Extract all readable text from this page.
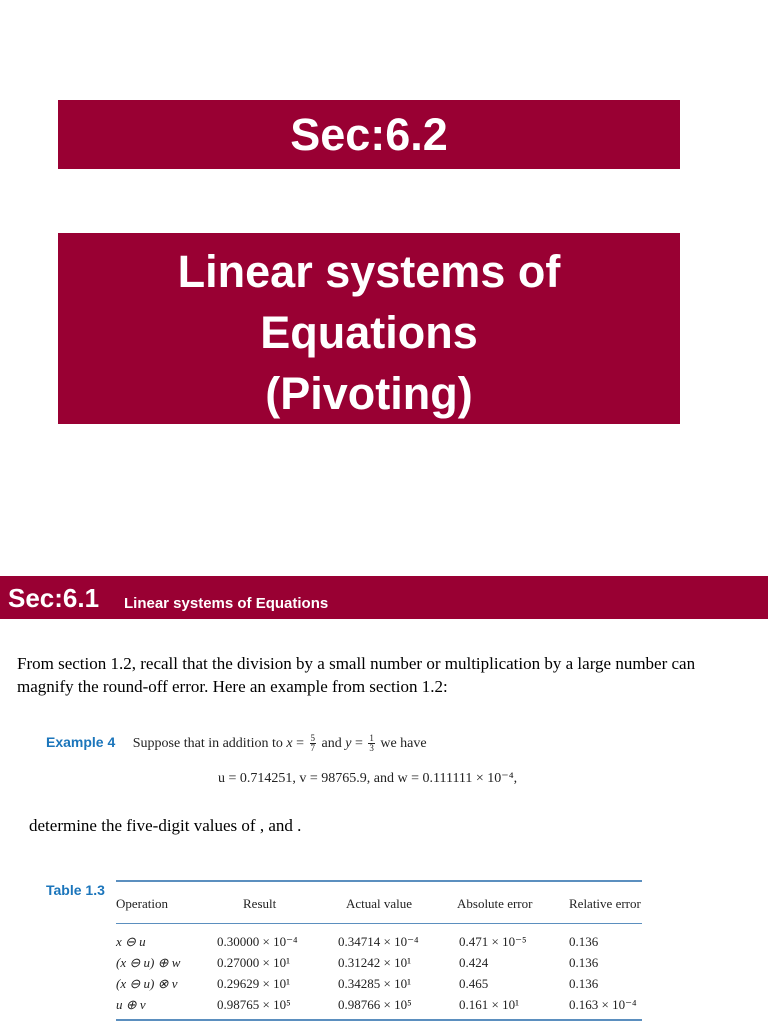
Sec:6.2
Linear systems of
Equations
(Pivoting)
Sec:6.1 Linear systems of Equations
From section 1.2, recall that the division by a small number or multiplication by a large number can magnify the round-off error. Here an example from section 1.2:
Example 4 Suppose that in addition to $x = \frac{5}{7}$ and $y = \frac{1}{3}$ we have
u = 0.714251, v = 98765.9, and w = 0.111111 × 10⁻⁴,
determine the five-digit values of , and .
Table 1.3
Operation	Result	Actual value	Absolute error	Relative error
x ⊖ u	0.30000 × 10⁻⁴	0.34714 × 10⁻⁴	0.471 × 10⁻⁵	0.136
(x ⊖ u) ⊕ w	0.27000 × 10¹	0.31242 × 10¹	0.424	0.136
(x ⊖ u) ⊗ v	0.29629 × 10¹	0.34285 × 10¹	0.465	0.136
u ⊕ v	0.98765 × 10⁵	0.98766 × 10⁵	0.161 × 10¹	0.163 × 10⁻⁴
